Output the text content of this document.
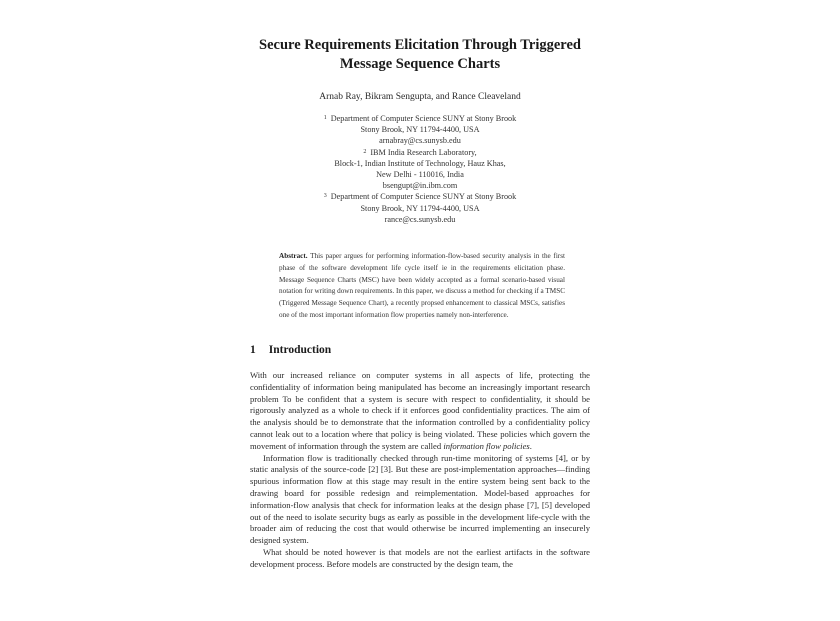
Secure Requirements Elicitation Through Triggered
Message Sequence Charts
Arnab Ray, Bikram Sengupta, and Rance Cleaveland
$^1$ Department of Computer Science SUNY at Stony Brook
Stony Brook, NY 11794-4400, USA
arnabray@cs.sunysb.edu
$^2$ IBM India Research Laboratory,
Block-1, Indian Institute of Technology, Hauz Khas,
New Delhi - 110016, India
bsengupt@in.ibm.com
$^3$ Department of Computer Science SUNY at Stony Brook
Stony Brook, NY 11794-4400, USA
rance@cs.sunysb.edu
Abstract. This paper argues for performing information-flow-based security analysis in the first phase of the software development life cycle itself ie in the requirements elicitation phase. Message Sequence Charts (MSC) have been widely accepted as a formal scenario-based visual notation for writing down requirements. In this paper, we discuss a method for checking if a TMSC (Triggered Message Sequence Chart), a recently propsed enhancement to classical MSCs, satisfies one of the most important information flow properties namely non-interference.
1 Introduction

With our increased reliance on computer systems in all aspects of life, protecting the confidentiality of information being manipulated has become an increasingly important research problem To be confident that a system is secure with respect to confidentiality, it should be rigorously analyzed as a whole to check if it enforces good confidentiality practices. The aim of the analysis should be to demonstrate that the information controlled by a confidentiality policy cannot leak out to a location where that policy is being violated. These policies which govern the movement of information through the system are called information flow policies.

Information flow is traditionally checked through run-time monitoring of systems [4], or by static analysis of the source-code [2] [3]. But these are post-implementation approaches—finding spurious information flow at this stage may result in the entire system being sent back to the drawing board for possible redesign and reimplementation. Model-based approaches for information-flow analysis that check for information leaks at the design phase [7], [5] developed out of the need to isolate security bugs as early as possible in the development life-cycle with the broader aim of reducing the cost that would otherwise be incurred implementing an insecurely designed system.

What should be noted however is that models are not the earliest artifacts in the software development process. Before models are constructed by the design team, the
